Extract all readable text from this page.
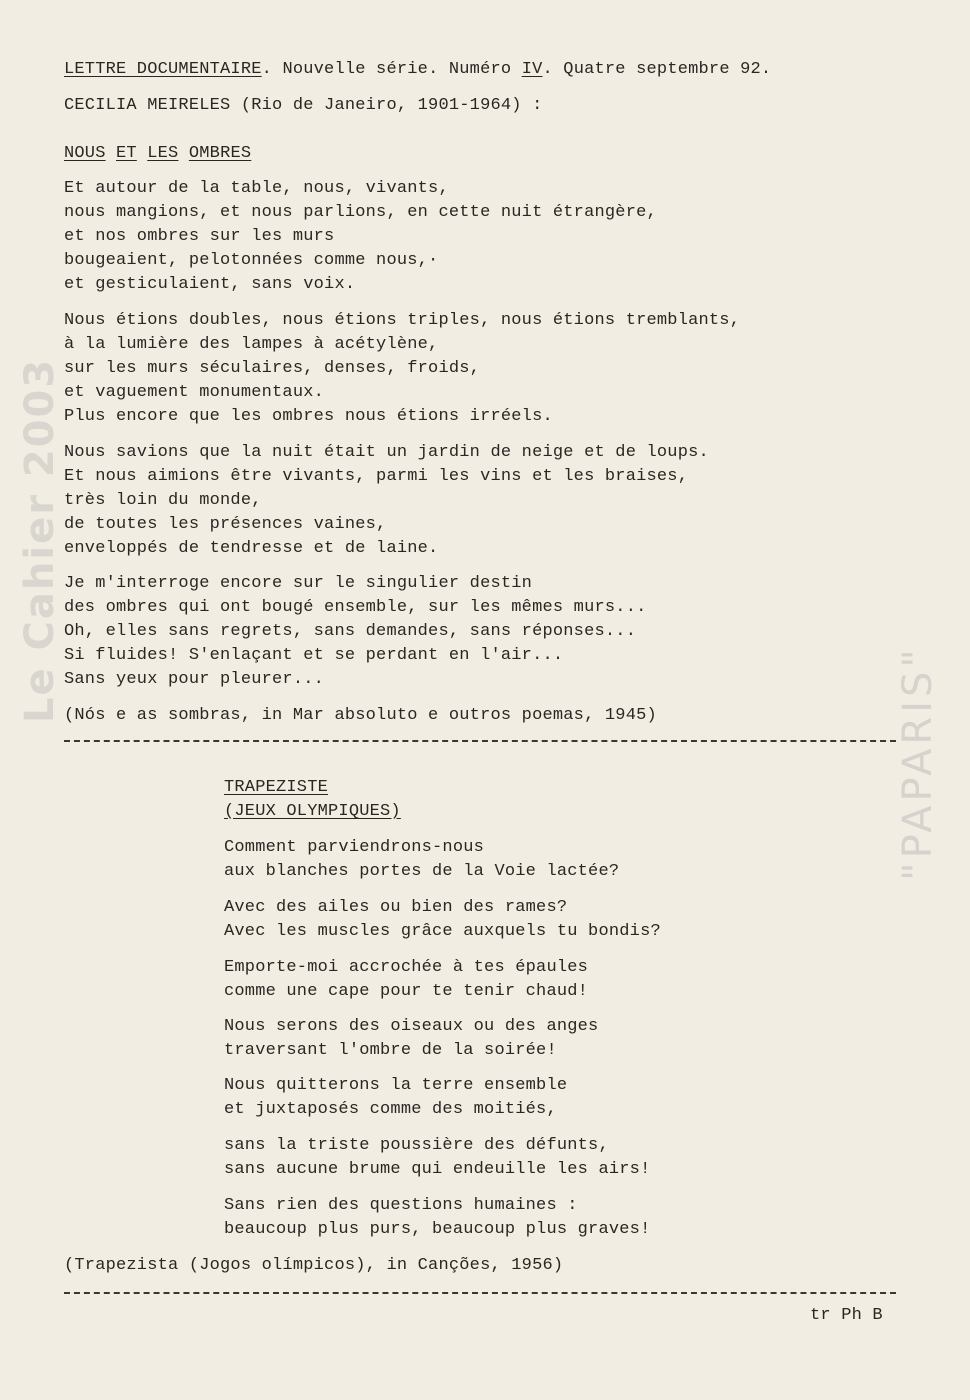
Le Cahier 2003
"PAPARIS"
LETTRE DOCUMENTAIRE. Nouvelle série. Numéro IV. Quatre septembre 92.
CECILIA MEIRELES (Rio de Janeiro, 1901-1964) :
NOUS ET LES OMBRES
Et autour de la table, nous, vivants,
nous mangions, et nous parlions, en cette nuit étrangère,
et nos ombres sur les murs
bougeaient, pelotonnées comme nous,·
et gesticulaient, sans voix.
Nous étions doubles, nous étions triples, nous étions tremblants,
à la lumière des lampes à acétylène,
sur les murs séculaires, denses, froids,
et vaguement monumentaux.
Plus encore que les ombres nous étions irréels.
Nous savions que la nuit était un jardin de neige et de loups.
Et nous aimions être vivants, parmi les vins et les braises,
très loin du monde,
de toutes les présences vaines,
enveloppés de tendresse et de laine.
Je m'interroge encore sur le singulier destin
des ombres qui ont bougé ensemble, sur les mêmes murs...
Oh, elles sans regrets, sans demandes, sans réponses...
Si fluides! S'enlaçant et se perdant en l'air...
Sans yeux pour pleurer...
(Nós e as sombras, in Mar absoluto e outros poemas, 1945)
TRAPEZISTE
(JEUX OLYMPIQUES)
Comment parviendrons-nous
aux blanches portes de la Voie lactée?
Avec des ailes ou bien des rames?
Avec les muscles grâce auxquels tu bondis?
Emporte-moi accrochée à tes épaules
comme une cape pour te tenir chaud!
Nous serons des oiseaux ou des anges
traversant l'ombre de la soirée!
Nous quitterons la terre ensemble
et juxtaposés comme des moitiés,
sans la triste poussière des défunts,
sans aucune brume qui endeuille les airs!
Sans rien des questions humaines :
beaucoup plus purs, beaucoup plus graves!
(Trapezista (Jogos olímpicos), in Canções, 1956)
tr Ph B
